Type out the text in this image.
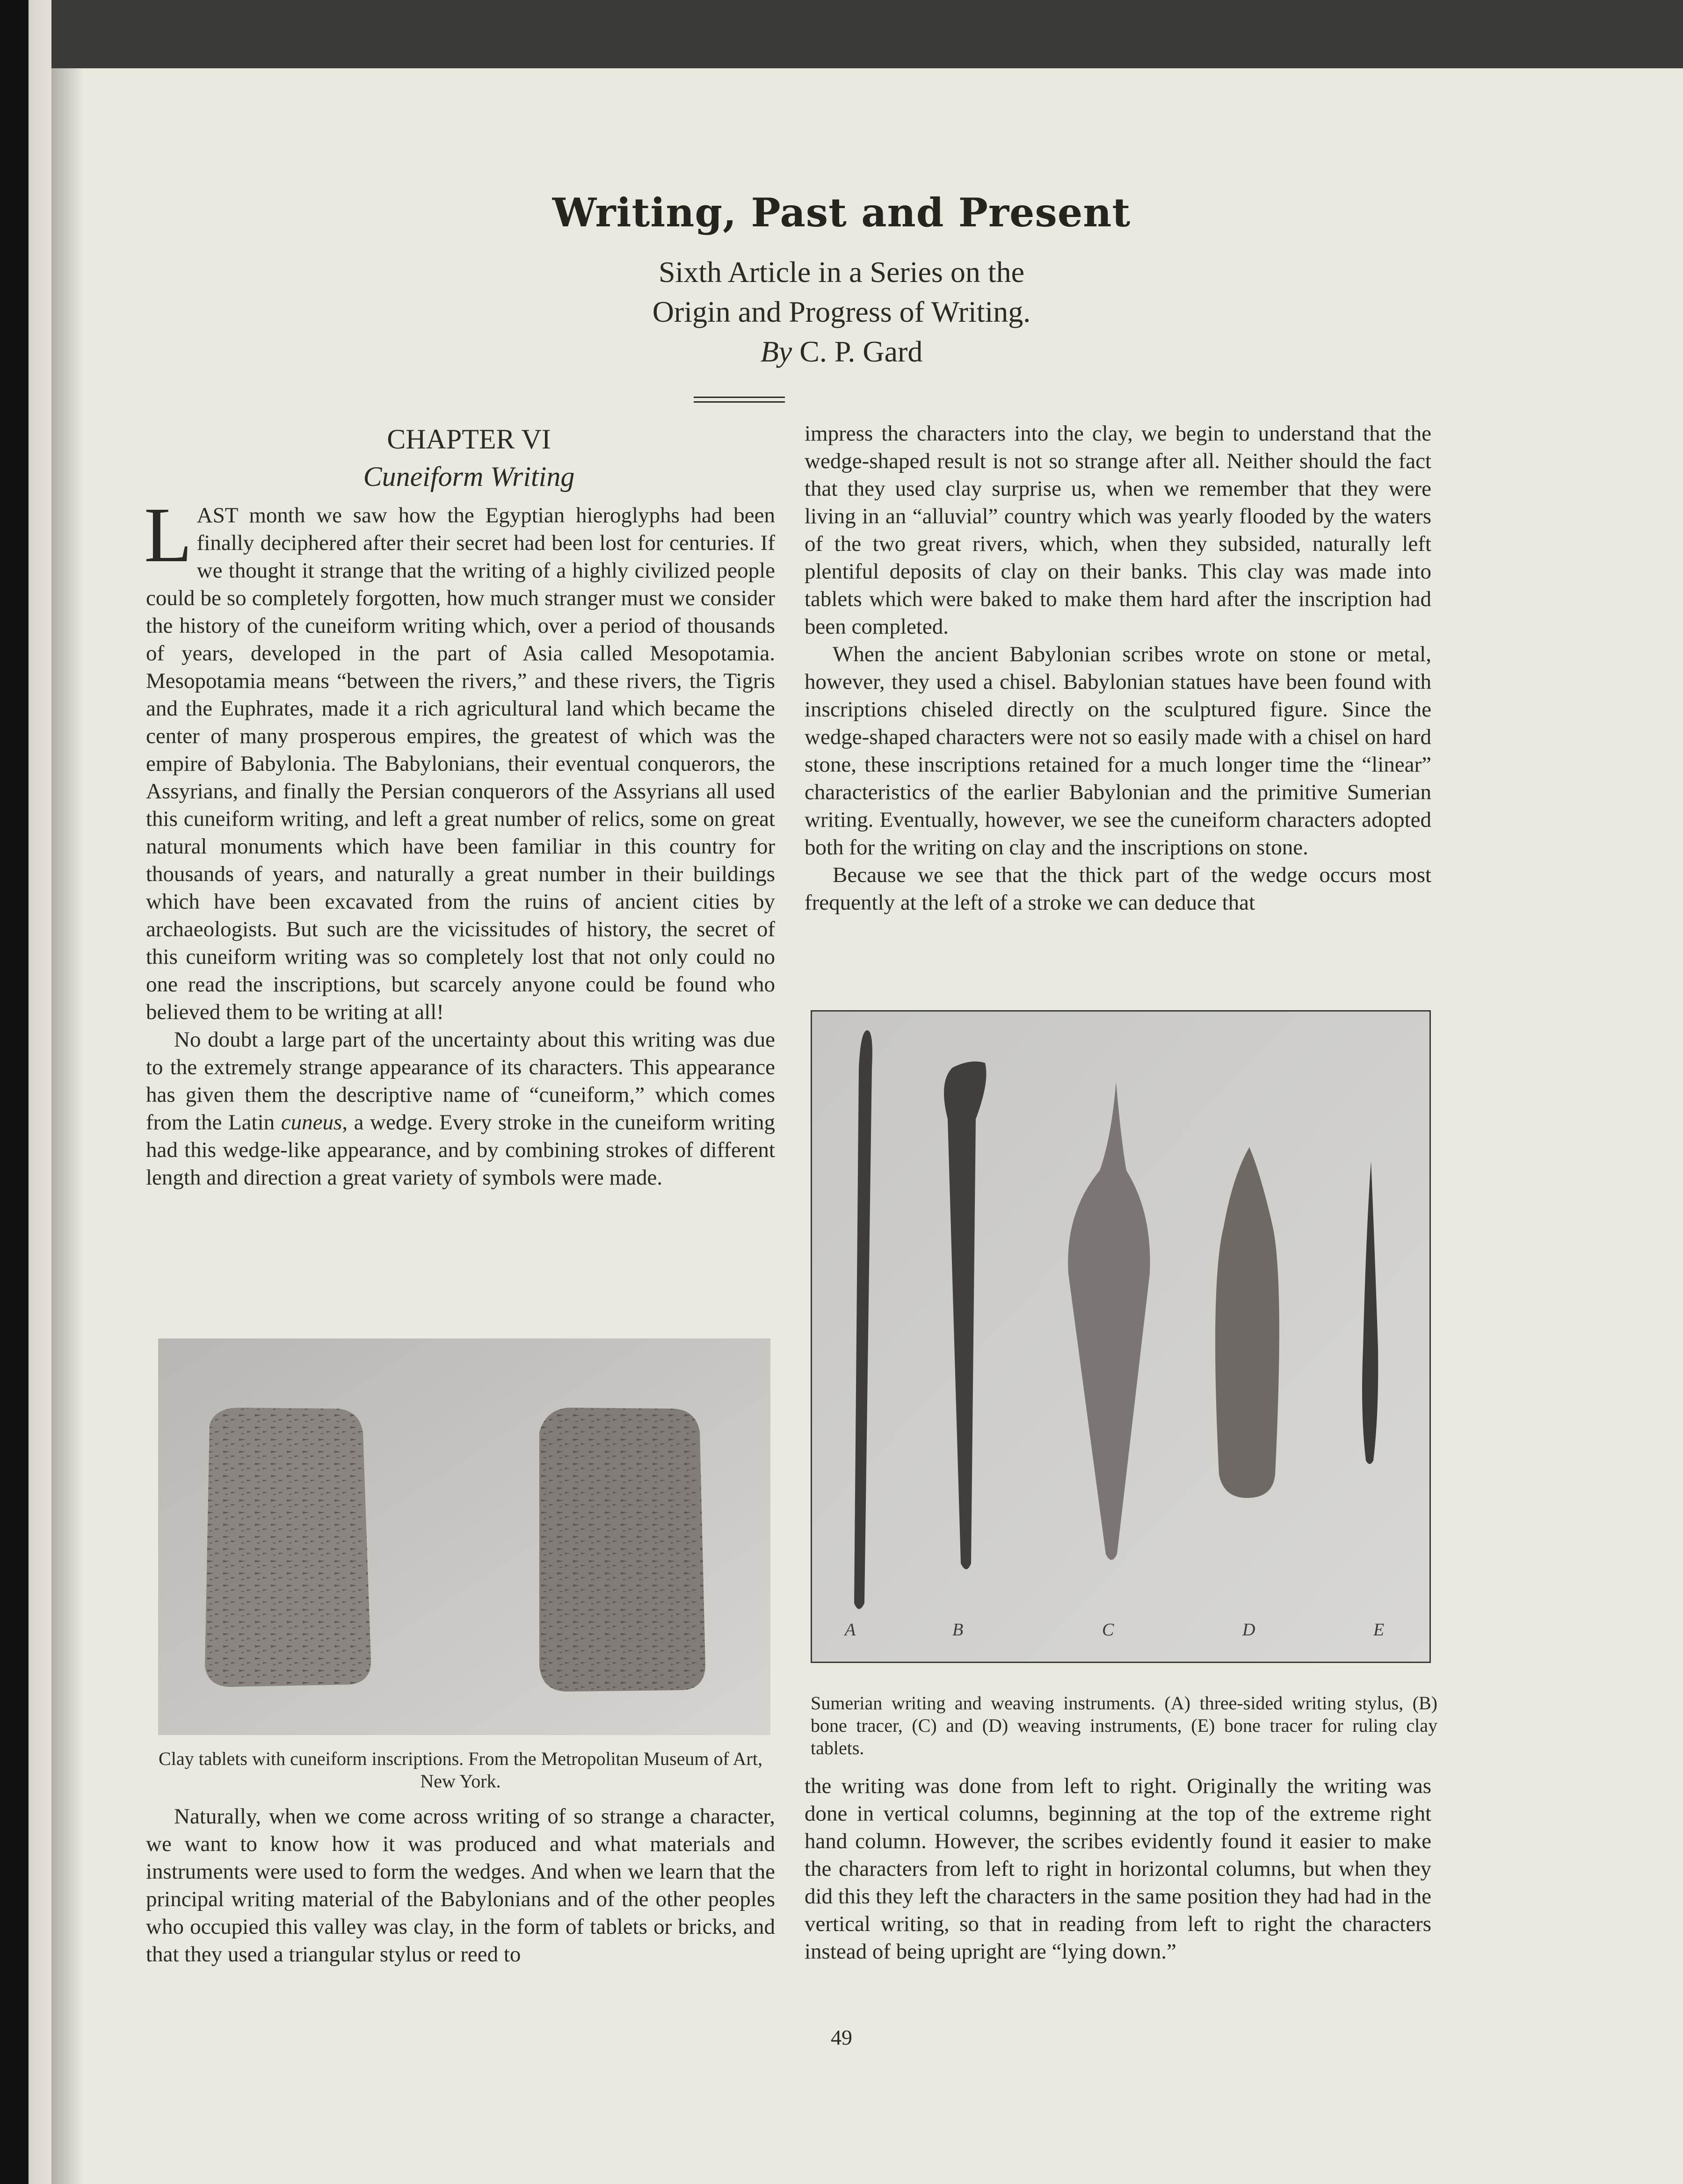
Writing, Past and Present
Sixth Article in a Series on the
Origin and Progress of Writing.
By C. P. Gard
CHAPTER VI
Cuneiform Writing

LAST month we saw how the Egyptian hieroglyphs had been finally deciphered after their secret had been lost for centuries. If we thought it strange that the writing of a highly civilized people could be so completely forgotten, how much stranger must we consider the history of the cuneiform writing which, over a period of thousands of years, developed in the part of Asia called Mesopotamia. Mesopotamia means “between the rivers,” and these rivers, the Tigris and the Euphrates, made it a rich agricultural land which became the center of many prosperous empires, the greatest of which was the empire of Babylonia. The Babylonians, their eventual conquerors, the Assyrians, and finally the Persian conquerors of the Assyrians all used this cuneiform writing, and left a great number of relics, some on great natural monuments which have been familiar in this country for thousands of years, and naturally a great number in their buildings which have been excavated from the ruins of ancient cities by archaeologists. But such are the vicissitudes of history, the secret of this cuneiform writing was so completely lost that not only could no one read the inscriptions, but scarcely anyone could be found who believed them to be writing at all!

No doubt a large part of the uncertainty about this writing was due to the extremely strange appearance of its characters. This appearance has given them the descriptive name of “cuneiform,” which comes from the Latin cuneus, a wedge. Every stroke in the cuneiform writing had this wedge-like appearance, and by combining strokes of different length and direction a great variety of symbols were made.

Clay tablets with cuneiform inscriptions. From the Metropolitan Museum of Art, New York.

Naturally, when we come across writing of so strange a character, we want to know how it was produced and what materials and instruments were used to form the wedges. And when we learn that the principal writing material of the Babylonians and of the other peoples who occupied this valley was clay, in the form of tablets or bricks, and that they used a triangular stylus or reed to

impress the characters into the clay, we begin to understand that the wedge-shaped result is not so strange after all. Neither should the fact that they used clay surprise us, when we remember that they were living in an “alluvial” country which was yearly flooded by the waters of the two great rivers, which, when they subsided, naturally left plentiful deposits of clay on their banks. This clay was made into tablets which were baked to make them hard after the inscription had been completed.

When the ancient Babylonian scribes wrote on stone or metal, however, they used a chisel. Babylonian statues have been found with inscriptions chiseled directly on the sculptured figure. Since the wedge-shaped characters were not so easily made with a chisel on hard stone, these inscriptions retained for a much longer time the “linear” characteristics of the earlier Babylonian and the primitive Sumerian writing. Eventually, however, we see the cuneiform characters adopted both for the writing on clay and the inscriptions on stone.

Because we see that the thick part of the wedge occurs most frequently at the left of a stroke we can deduce that

A	B	C	D	E
Sumerian writing and weaving instruments. (A) three-sided writing stylus, (B) bone tracer, (C) and (D) weaving instruments, (E) bone tracer for ruling clay tablets.

the writing was done from left to right. Originally the writing was done in vertical columns, beginning at the top of the extreme right hand column. However, the scribes evidently found it easier to make the characters from left to right in horizontal columns, but when they did this they left the characters in the same position they had had in the vertical writing, so that in reading from left to right the characters instead of being upright are “lying down.”

49
